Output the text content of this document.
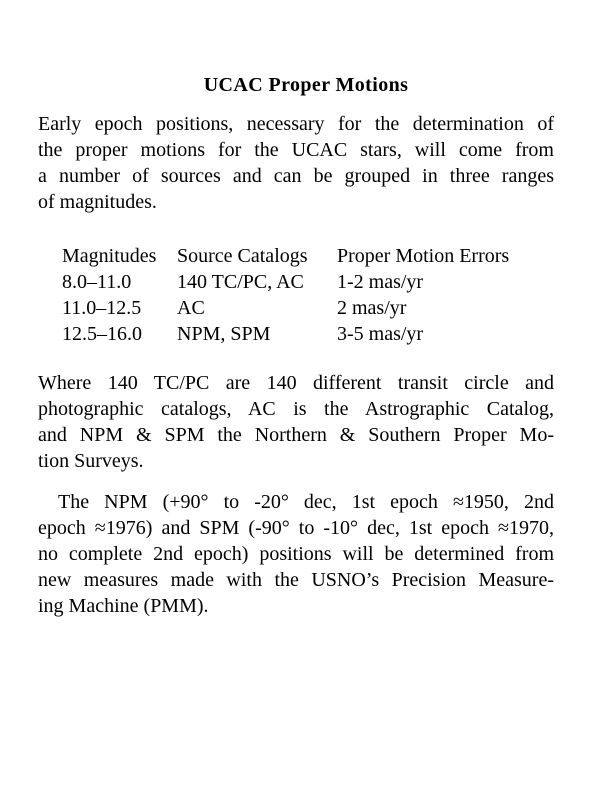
UCAC Proper Motions
Early epoch positions, necessary for the determination of
the proper motions for the UCAC stars, will come from
a number of sources and can be grouped in three ranges
of magnitudes.
Magnitudes	Source Catalogs	Proper Motion Errors
8.0–11.0	140 TC/PC, AC	1-2 mas/yr
11.0–12.5	AC	2 mas/yr
12.5–16.0	NPM, SPM	3-5 mas/yr
Where 140 TC/PC are 140 different transit circle and
photographic catalogs, AC is the Astrographic Catalog,
and NPM & SPM the Northern & Southern Proper Mo-
tion Surveys.
The NPM (+90° to -20° dec, 1st epoch ≈1950, 2nd
epoch ≈1976) and SPM (-90° to -10° dec, 1st epoch ≈1970,
no complete 2nd epoch) positions will be determined from
new measures made with the USNO’s Precision Measure-
ing Machine (PMM).
